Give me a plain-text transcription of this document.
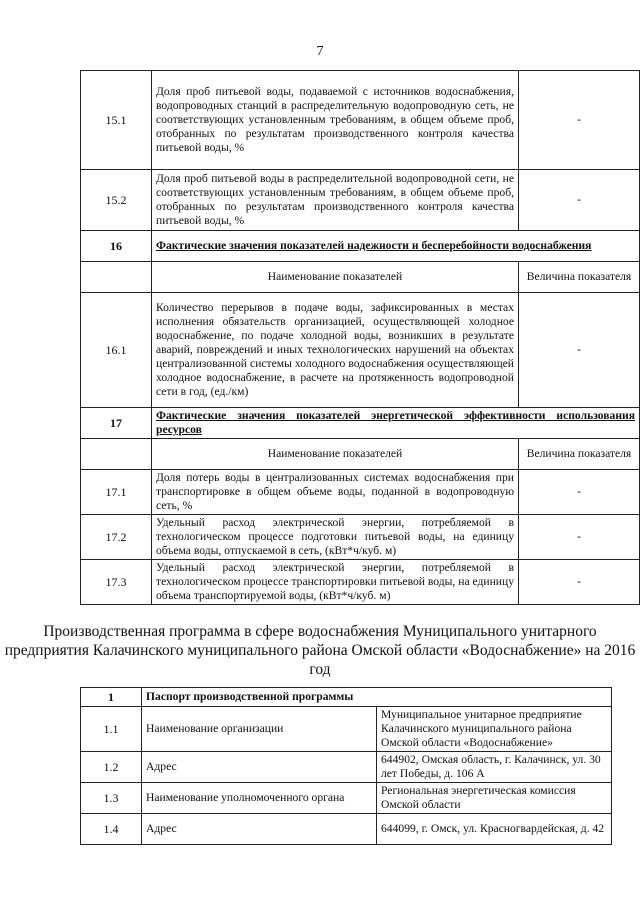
7
15.1	Доля проб питьевой воды, подаваемой с источников водоснабжения, водопроводных станций в распределительную водопроводную сеть, не соответствующих установленным требованиям, в общем объеме проб, отобранных по результатам производственного контроля качества питьевой воды, %	-
15.2	Доля проб питьевой воды в распределительной водопроводной сети, не соответствующих установленным требованиям, в общем объеме проб, отобранных по результатам производственного контроля качества питьевой воды, %	-
16	Фактические значения показателей надежности и бесперебойности водоснабжения	
	Наименование показателей	Величина показателя
16.1	Количество перерывов в подаче воды, зафиксированных в местах исполнения обязательств организацией, осуществляющей холодное водоснабжение, по подаче холодной воды, возникших в результате аварий, повреждений и иных технологических нарушений на объектах централизованной системы холодного водоснабжения осуществляющей холодное водоснабжение, в расчете на протяженность водопроводной сети в год, (ед./км)	-
17	Фактические значения показателей энергетической эффективности использования ресурсов	
	Наименование показателей	Величина показателя
17.1	Доля потерь воды в централизованных системах водоснабжения при транспортировке в общем объеме воды, поданной в водопроводную сеть, %	-
17.2	Удельный расход электрической энергии, потребляемой в технологическом процессе подготовки питьевой воды, на единицу объема воды, отпускаемой в сеть, (кВт*ч/куб. м)	-
17.3	Удельный расход электрической энергии, потребляемой в технологическом процессе транспортировки питьевой воды, на единицу объема транспортируемой воды, (кВт*ч/куб. м)	-
Производственная программа в сфере водоснабжения Муниципального унитарного предприятия Калачинского муниципального района Омской области «Водоснабжение» на 2016 год
1	Паспорт производственной программы	
1.1	Наименование организации	Муниципальное унитарное предприятие Калачинского муниципального района Омской области «Водоснабжение»
1.2	Адрес	644902, Омская область, г. Калачинск, ул. 30 лет Победы, д. 106 А
1.3	Наименование уполномоченного органа	Региональная энергетическая комиссия Омской области
1.4	Адрес	644099, г. Омск, ул. Красногвардейская, д. 42
